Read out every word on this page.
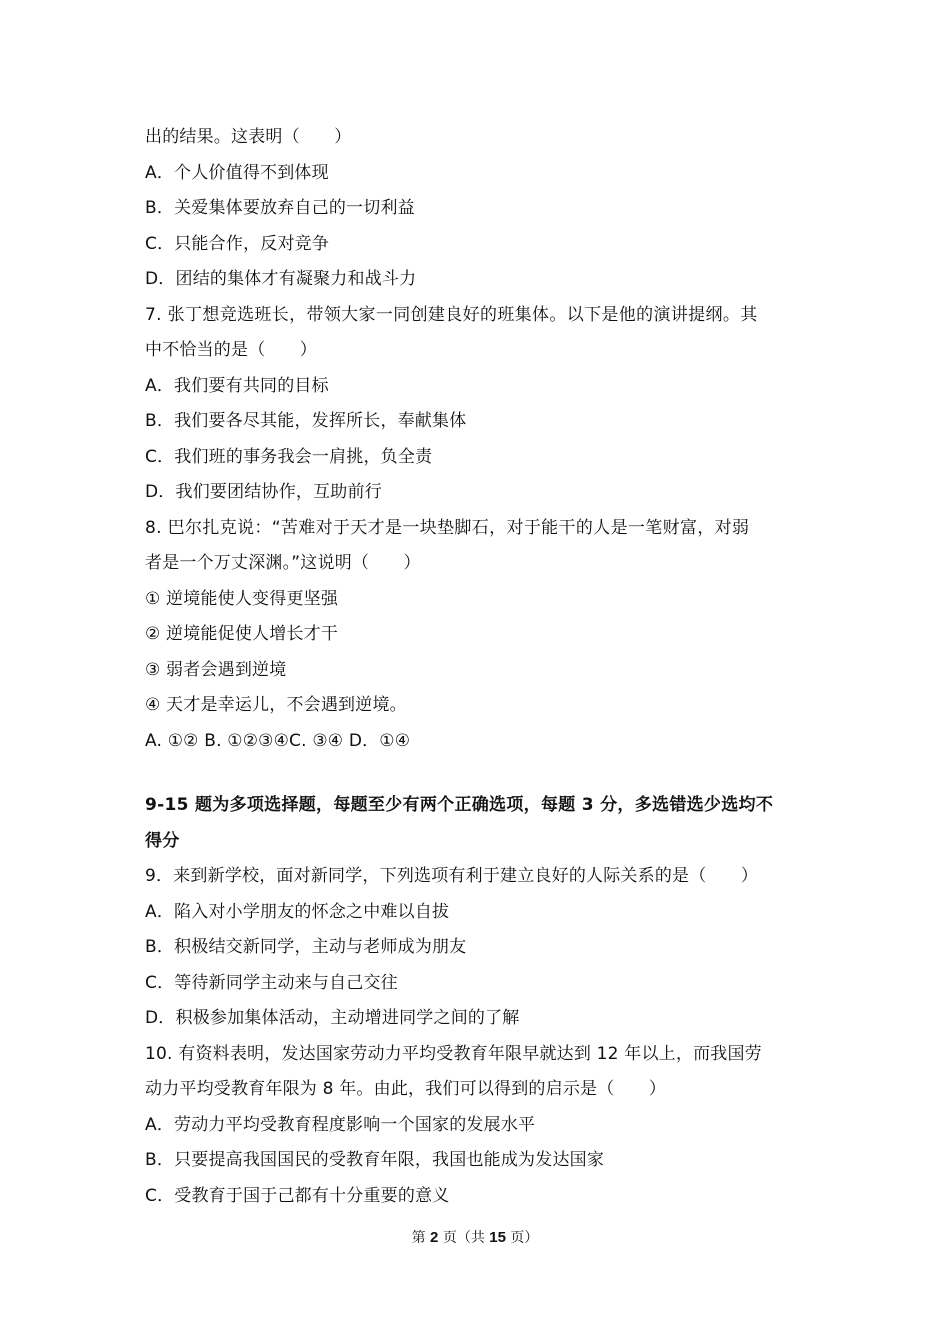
出的结果。这表明（　　）
A．个人价值得不到体现
B．关爱集体要放弃自己的一切利益
C．只能合作，反对竞争
D．团结的集体才有凝聚力和战斗力
7. 张丁想竞选班长，带领大家一同创建良好的班集体。以下是他的演讲提纲。其
中不恰当的是（　　）
A．我们要有共同的目标
B．我们要各尽其能，发挥所长，奉献集体
C．我们班的事务我会一肩挑，负全责
D．我们要团结协作，互助前行
8. 巴尔扎克说：“苦难对于天才是一块垫脚石，对于能干的人是一笔财富，对弱
者是一个万丈深渊。”这说明（　　）
① 逆境能使人变得更坚强
② 逆境能促使人增长才干
③ 弱者会遇到逆境
④ 天才是幸运儿，不会遇到逆境。
A. ①② B. ①②③④C. ③④ D．①④
9-15 题为多项选择题，每题至少有两个正确选项，每题 3 分，多选错选少选均不
得分
9．来到新学校，面对新同学，下列选项有利于建立良好的人际关系的是（　　）
A．陷入对小学朋友的怀念之中难以自拔
B．积极结交新同学，主动与老师成为朋友
C．等待新同学主动来与自己交往
D．积极参加集体活动，主动增进同学之间的了解
10. 有资料表明，发达国家劳动力平均受教育年限早就达到 12 年以上，而我国劳
动力平均受教育年限为 8 年。由此，我们可以得到的启示是（　　）
A．劳动力平均受教育程度影响一个国家的发展水平
B．只要提高我国国民的受教育年限，我国也能成为发达国家
C．受教育于国于己都有十分重要的意义
第 2 页（共 15 页）
